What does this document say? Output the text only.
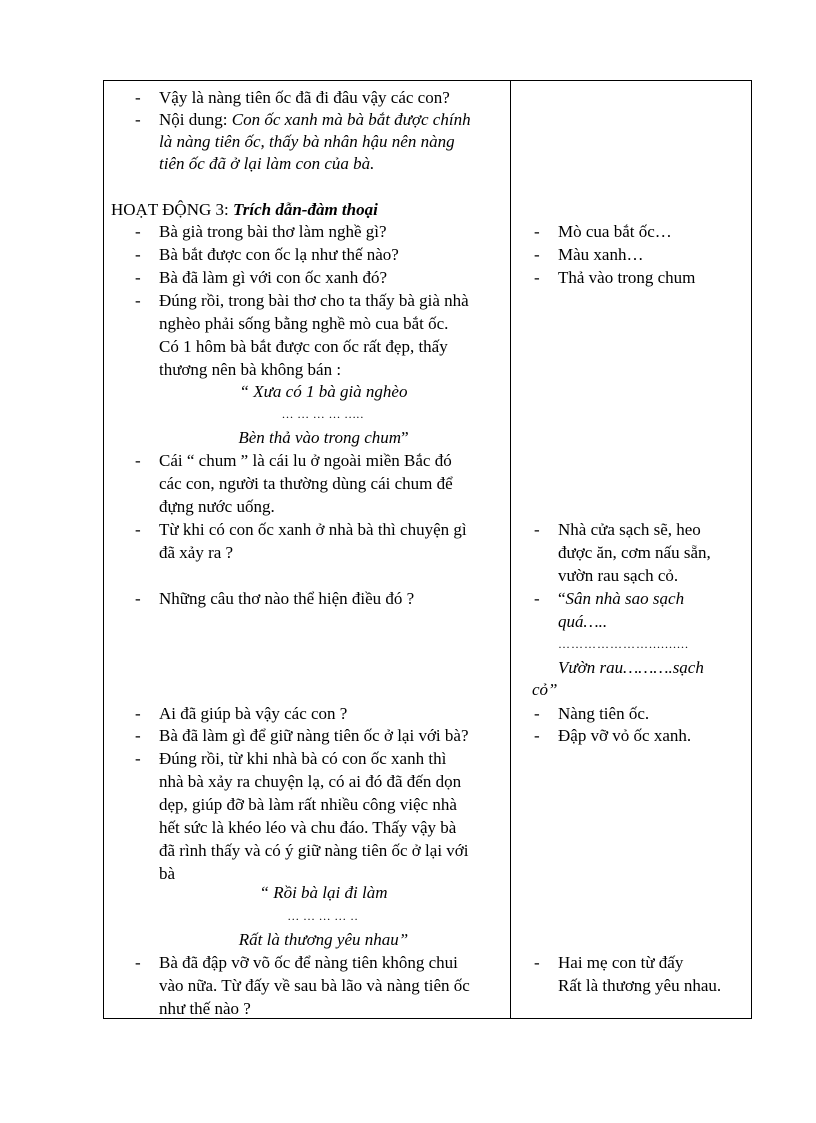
- Vậy là nàng tiên ốc đã đi đâu vậy các con?
- Nội dung: Con ốc xanh mà bà bắt được chính
là nàng tiên ốc, thấy bà nhân hậu nên nàng
tiên ốc đã ở lại làm con của bà.
HOẠT ĐỘNG 3: Trích dẫn-đàm thoại
- Bà già trong bài thơ làm nghề gì?
- Bà bắt được con ốc lạ như thế nào?
- Bà đã làm gì với con ốc xanh đó?
- Đúng rồi, trong bài thơ cho ta thấy bà già nhà
nghèo phải sống bằng nghề mò cua bắt ốc.
Có 1 hôm bà bắt được con ốc rất đẹp, thấy
thương nên bà không bán :
“ Xưa có 1 bà già nghèo
… … … … …..
Bèn thả vào trong chum”
- Cái “ chum ” là cái lu ở ngoài miền Bắc đó
các con, người ta thường dùng cái chum để
đựng nước uống.
- Từ khi có con ốc xanh ở nhà bà thì chuyện gì
đã xảy ra ?
- Những câu thơ nào thể hiện điều đó ?
- Ai đã giúp bà vậy các con ?
- Bà đã làm gì để giữ nàng tiên ốc ở lại với bà?
- Đúng rồi, từ khi nhà bà có con ốc xanh thì
nhà bà xảy ra chuyện lạ, có ai đó đã đến dọn
dẹp, giúp đỡ bà làm rất nhiều công việc nhà
hết sức là khéo léo và chu đáo. Thấy vậy bà
đã rình thấy và có ý giữ nàng tiên ốc ở lại với
bà
“ Rồi bà lại đi làm
… … … … ..
Rất là thương yêu nhau”
- Bà đã đập vỡ võ ốc để nàng tiên không chui
vào nữa. Từ đấy về sau bà lão và nàng tiên ốc
như thế nào ?
- Mò cua bắt ốc…
- Màu xanh…
- Thả vào trong chum
- Nhà cửa sạch sẽ, heo
được ăn, cơm nấu sẵn,
vườn rau sạch cỏ.
- “Sân nhà sao sạch
quá…..
…………………..........
Vườn rau……….sạch
cỏ”
- Nàng tiên ốc.
- Đập vỡ vỏ ốc xanh.
- Hai mẹ con từ đấy
Rất là thương yêu nhau.
